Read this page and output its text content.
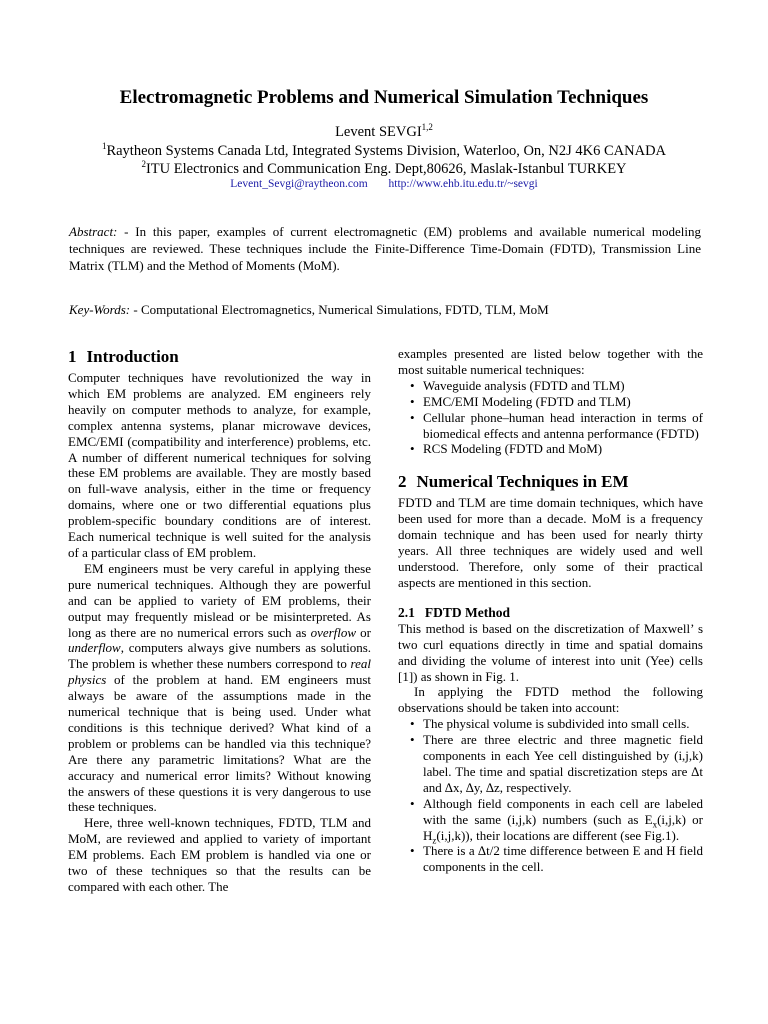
Electromagnetic Problems and Numerical Simulation Techniques
Levent SEVGI$^{1,2}$
$^1$Raytheon Systems Canada Ltd, Integrated Systems Division, Waterloo, On, N2J 4K6 CANADA
$^2$ITU Electronics and Communication Eng. Dept,80626, Maslak-Istanbul TURKEY
Levent_Sevgi@raytheon.com http://www.ehb.itu.edu.tr/~sevgi
Abstract: - In this paper, examples of current electromagnetic (EM) problems and available numerical modeling techniques are reviewed. These techniques include the Finite-Difference Time-Domain (FDTD), Transmission Line Matrix (TLM) and the Method of Moments (MoM).
Key-Words: - Computational Electromagnetics, Numerical Simulations, FDTD, TLM, MoM
1 Introduction

Computer techniques have revolutionized the way in which EM problems are analyzed. EM engineers rely heavily on computer methods to analyze, for example, complex antenna systems, planar microwave devices, EMC/EMI (compatibility and interference) problems, etc. A number of different numerical techniques for solving these EM problems are available. They are mostly based on full-wave analysis, either in the time or frequency domains, where one or two differential equations plus problem-specific boundary conditions are of interest. Each numerical technique is well suited for the analysis of a particular class of EM problem.

EM engineers must be very careful in applying these pure numerical techniques. Although they are powerful and can be applied to variety of EM problems, their output may frequently mislead or be misinterpreted. As long as there are no numerical errors such as overflow or underflow, computers always give numbers as solutions. The problem is whether these numbers correspond to real physics of the problem at hand. EM engineers must always be aware of the assumptions made in the numerical technique that is being used. Under what conditions is this technique derived? What kind of a problem or problems can be handled via this technique? Are there any parametric limitations? What are the accuracy and numerical error limits? Without knowing the answers of these questions it is very dangerous to use these techniques.

Here, three well-known techniques, FDTD, TLM and MoM, are reviewed and applied to variety of important EM problems. Each EM problem is handled via one or two of these techniques so that the results can be compared with each other. The

examples presented are listed below together with the most suitable numerical techniques:

• Waveguide analysis (FDTD and TLM)
• EMC/EMI Modeling (FDTD and TLM)
• Cellular phone–human head interaction in terms of biomedical effects and antenna performance (FDTD)
• RCS Modeling (FDTD and MoM)
2 Numerical Techniques in EM

FDTD and TLM are time domain techniques, which have been used for more than a decade. MoM is a frequency domain technique and has been used for nearly thirty years. All three techniques are widely used and well understood. Therefore, only some of their practical aspects are mentioned in this section.

2.1 FDTD Method

This method is based on the discretization of Maxwell’ s two curl equations directly in time and spatial domains and dividing the volume of interest into unit (Yee) cells [1]) as shown in Fig. 1.

In applying the FDTD method the following observations should be taken into account:

• The physical volume is subdivided into small cells.
• There are three electric and three magnetic field components in each Yee cell distinguished by (i,j,k) label. The time and spatial discretization steps are ∆t and ∆x, ∆y, ∆z, respectively.
• Although field components in each cell are labeled with the same (i,j,k) numbers (such as $E_x(i,j,k)$ or $H_z(i,j,k)$), their locations are different (see Fig.1).
• There is a ∆t/2 time difference between E and H field components in the cell.
